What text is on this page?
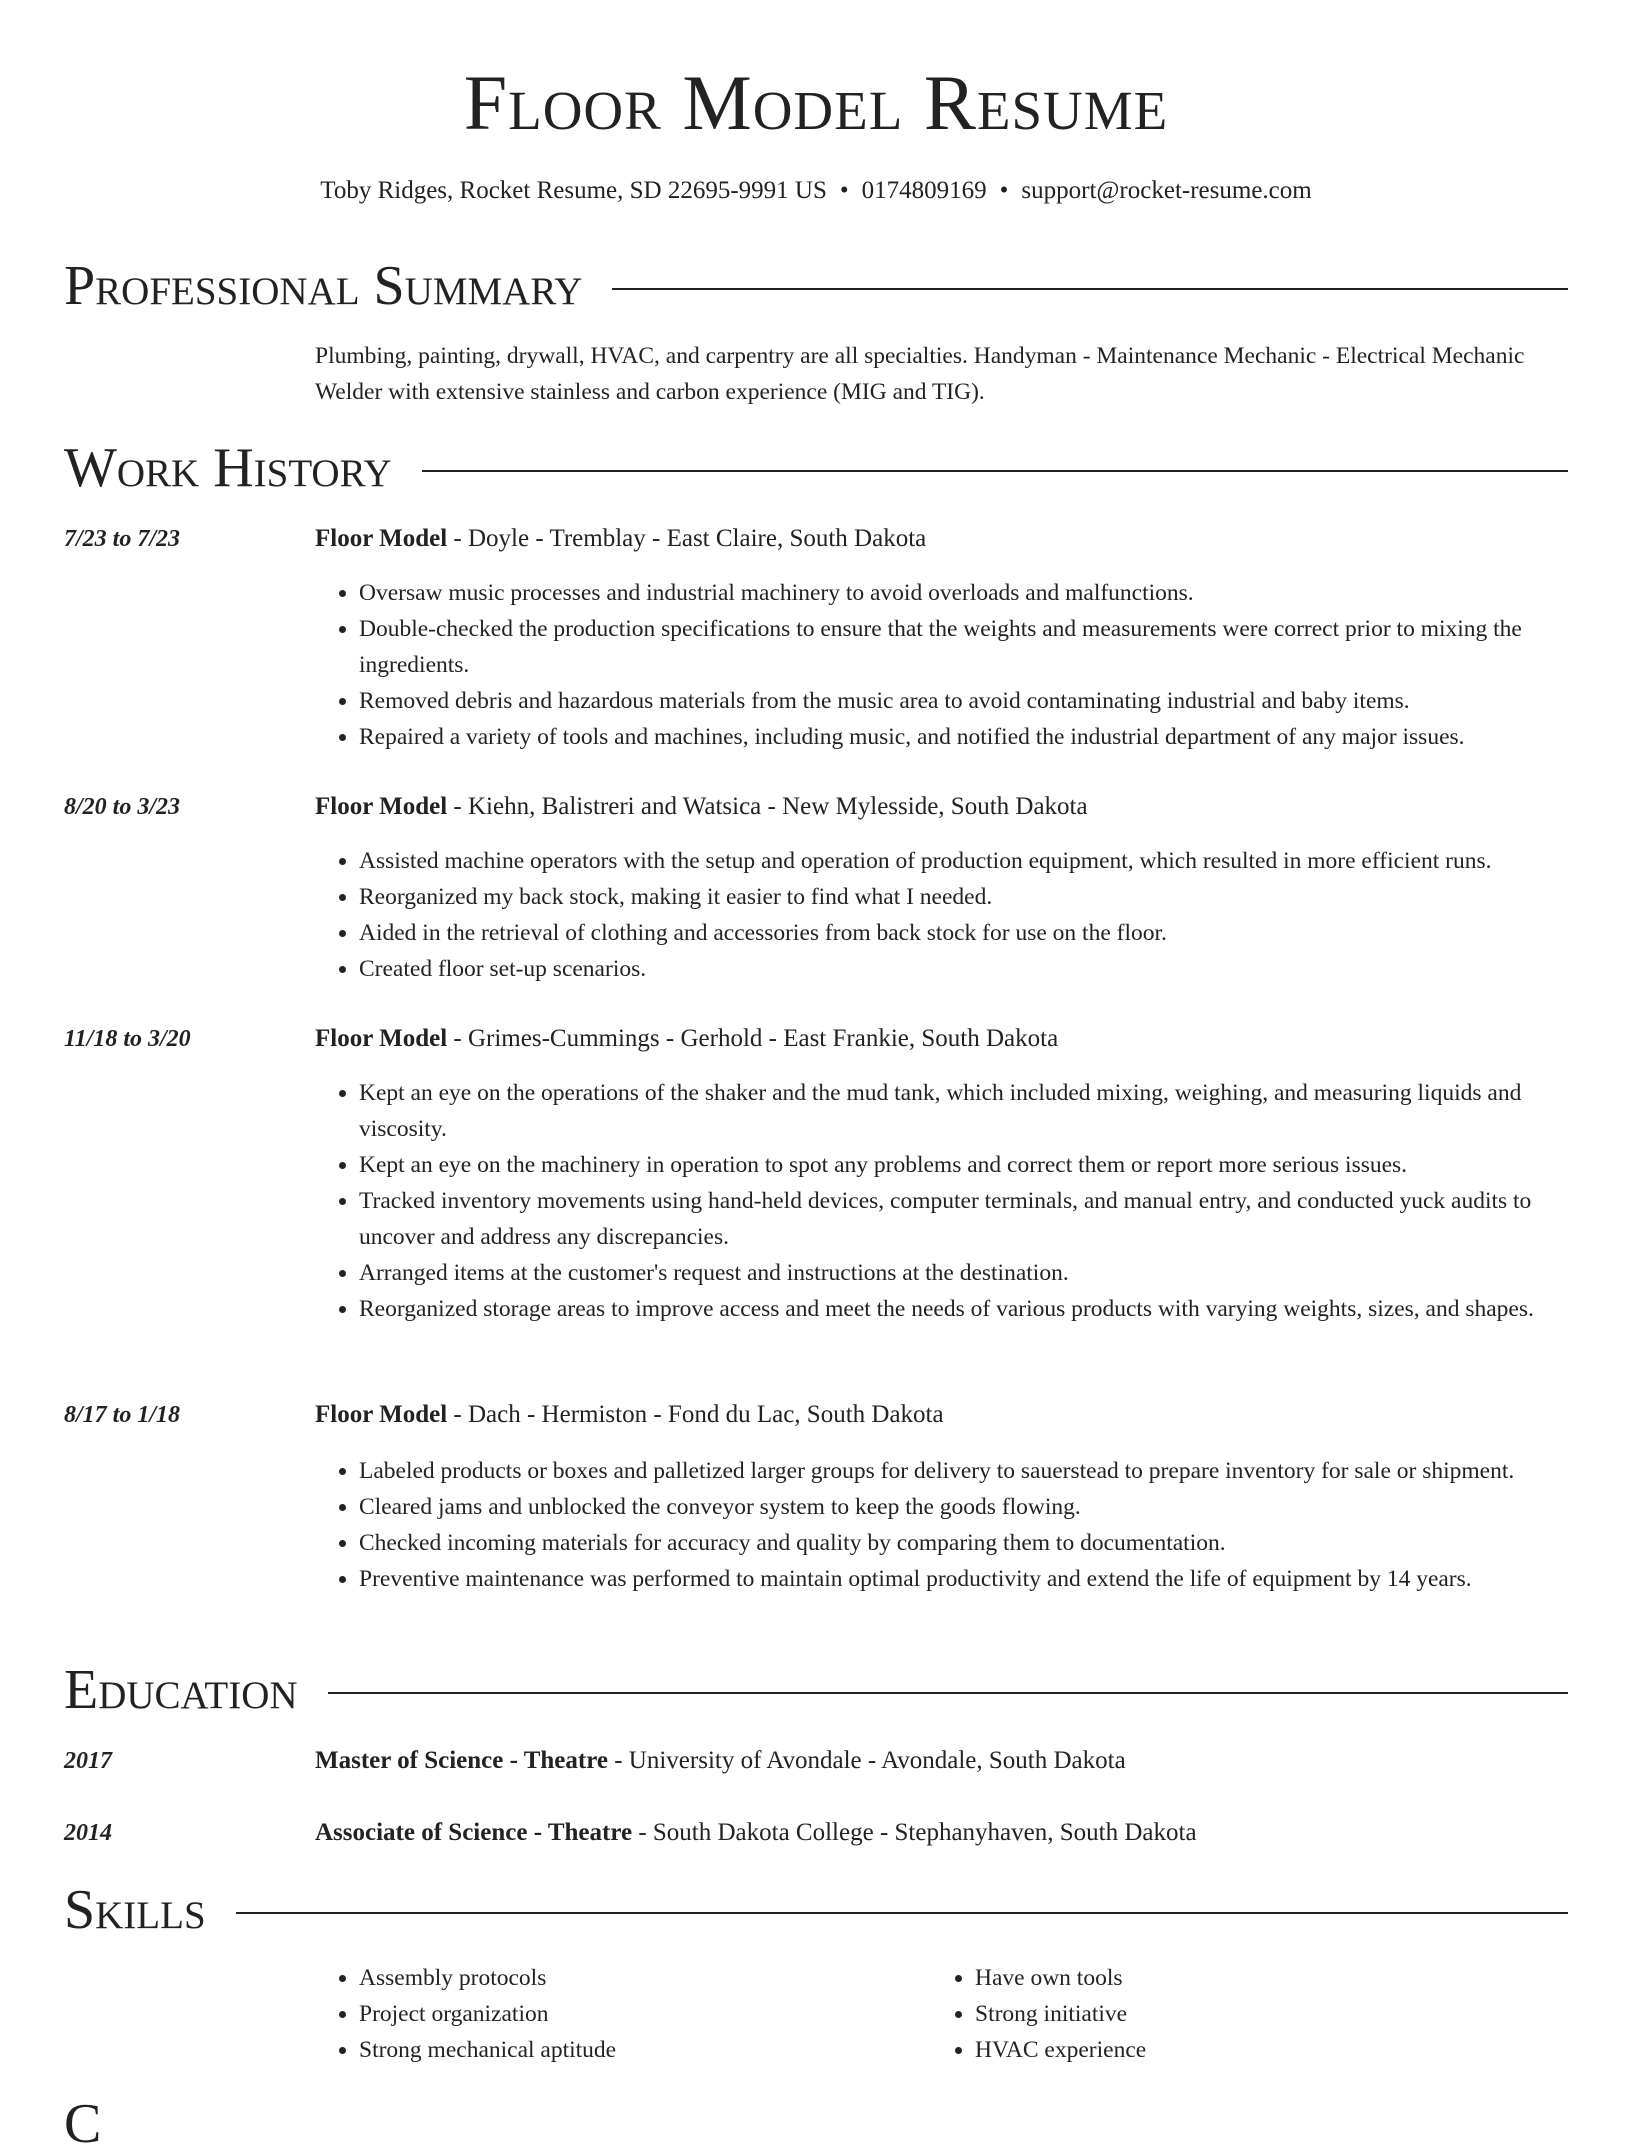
Floor Model Resume
Toby Ridges, Rocket Resume, SD 22695-9991 US • 0174809169 • support@rocket-resume.com
Professional Summary

Plumbing, painting, drywall, HVAC, and carpentry are all specialties. Handyman - Maintenance Mechanic - Electrical Mechanic Welder with extensive stainless and carbon experience (MIG and TIG).

Work History
7/23 to 7/23	Floor Model - Doyle - Tremblay - East Claire, South Dakota
• Oversaw music processes and industrial machinery to avoid overloads and malfunctions.
• Double-checked the production specifications to ensure that the weights and measurements were correct prior to mixing the ingredients.
• Removed debris and hazardous materials from the music area to avoid contaminating industrial and baby items.
• Repaired a variety of tools and machines, including music, and notified the industrial department of any major issues.
8/20 to 3/23	Floor Model - Kiehn, Balistreri and Watsica - New Mylesside, South Dakota
• Assisted machine operators with the setup and operation of production equipment, which resulted in more efficient runs.
• Reorganized my back stock, making it easier to find what I needed.
• Aided in the retrieval of clothing and accessories from back stock for use on the floor.
• Created floor set-up scenarios.
11/18 to 3/20	Floor Model - Grimes-Cummings - Gerhold - East Frankie, South Dakota
• Kept an eye on the operations of the shaker and the mud tank, which included mixing, weighing, and measuring liquids and viscosity.
• Kept an eye on the machinery in operation to spot any problems and correct them or report more serious issues.
• Tracked inventory movements using hand-held devices, computer terminals, and manual entry, and conducted yuck audits to uncover and address any discrepancies.
• Arranged items at the customer's request and instructions at the destination.
• Reorganized storage areas to improve access and meet the needs of various products with varying weights, sizes, and shapes.
8/17 to 1/18	Floor Model - Dach - Hermiston - Fond du Lac, South Dakota
• Labeled products or boxes and palletized larger groups for delivery to sauerstead to prepare inventory for sale or shipment.
• Cleared jams and unblocked the conveyor system to keep the goods flowing.
• Checked incoming materials for accuracy and quality by comparing them to documentation.
• Preventive maintenance was performed to maintain optimal productivity and extend the life of equipment by 14 years.
Education
2017	Master of Science - Theatre - University of Avondale - Avondale, South Dakota
2014	Associate of Science - Theatre - South Dakota College - Stephanyhaven, South Dakota
Skills
• Assembly protocols
• Project organization
• Strong mechanical aptitude
• Have own tools
• Strong initiative
• HVAC experience
C
